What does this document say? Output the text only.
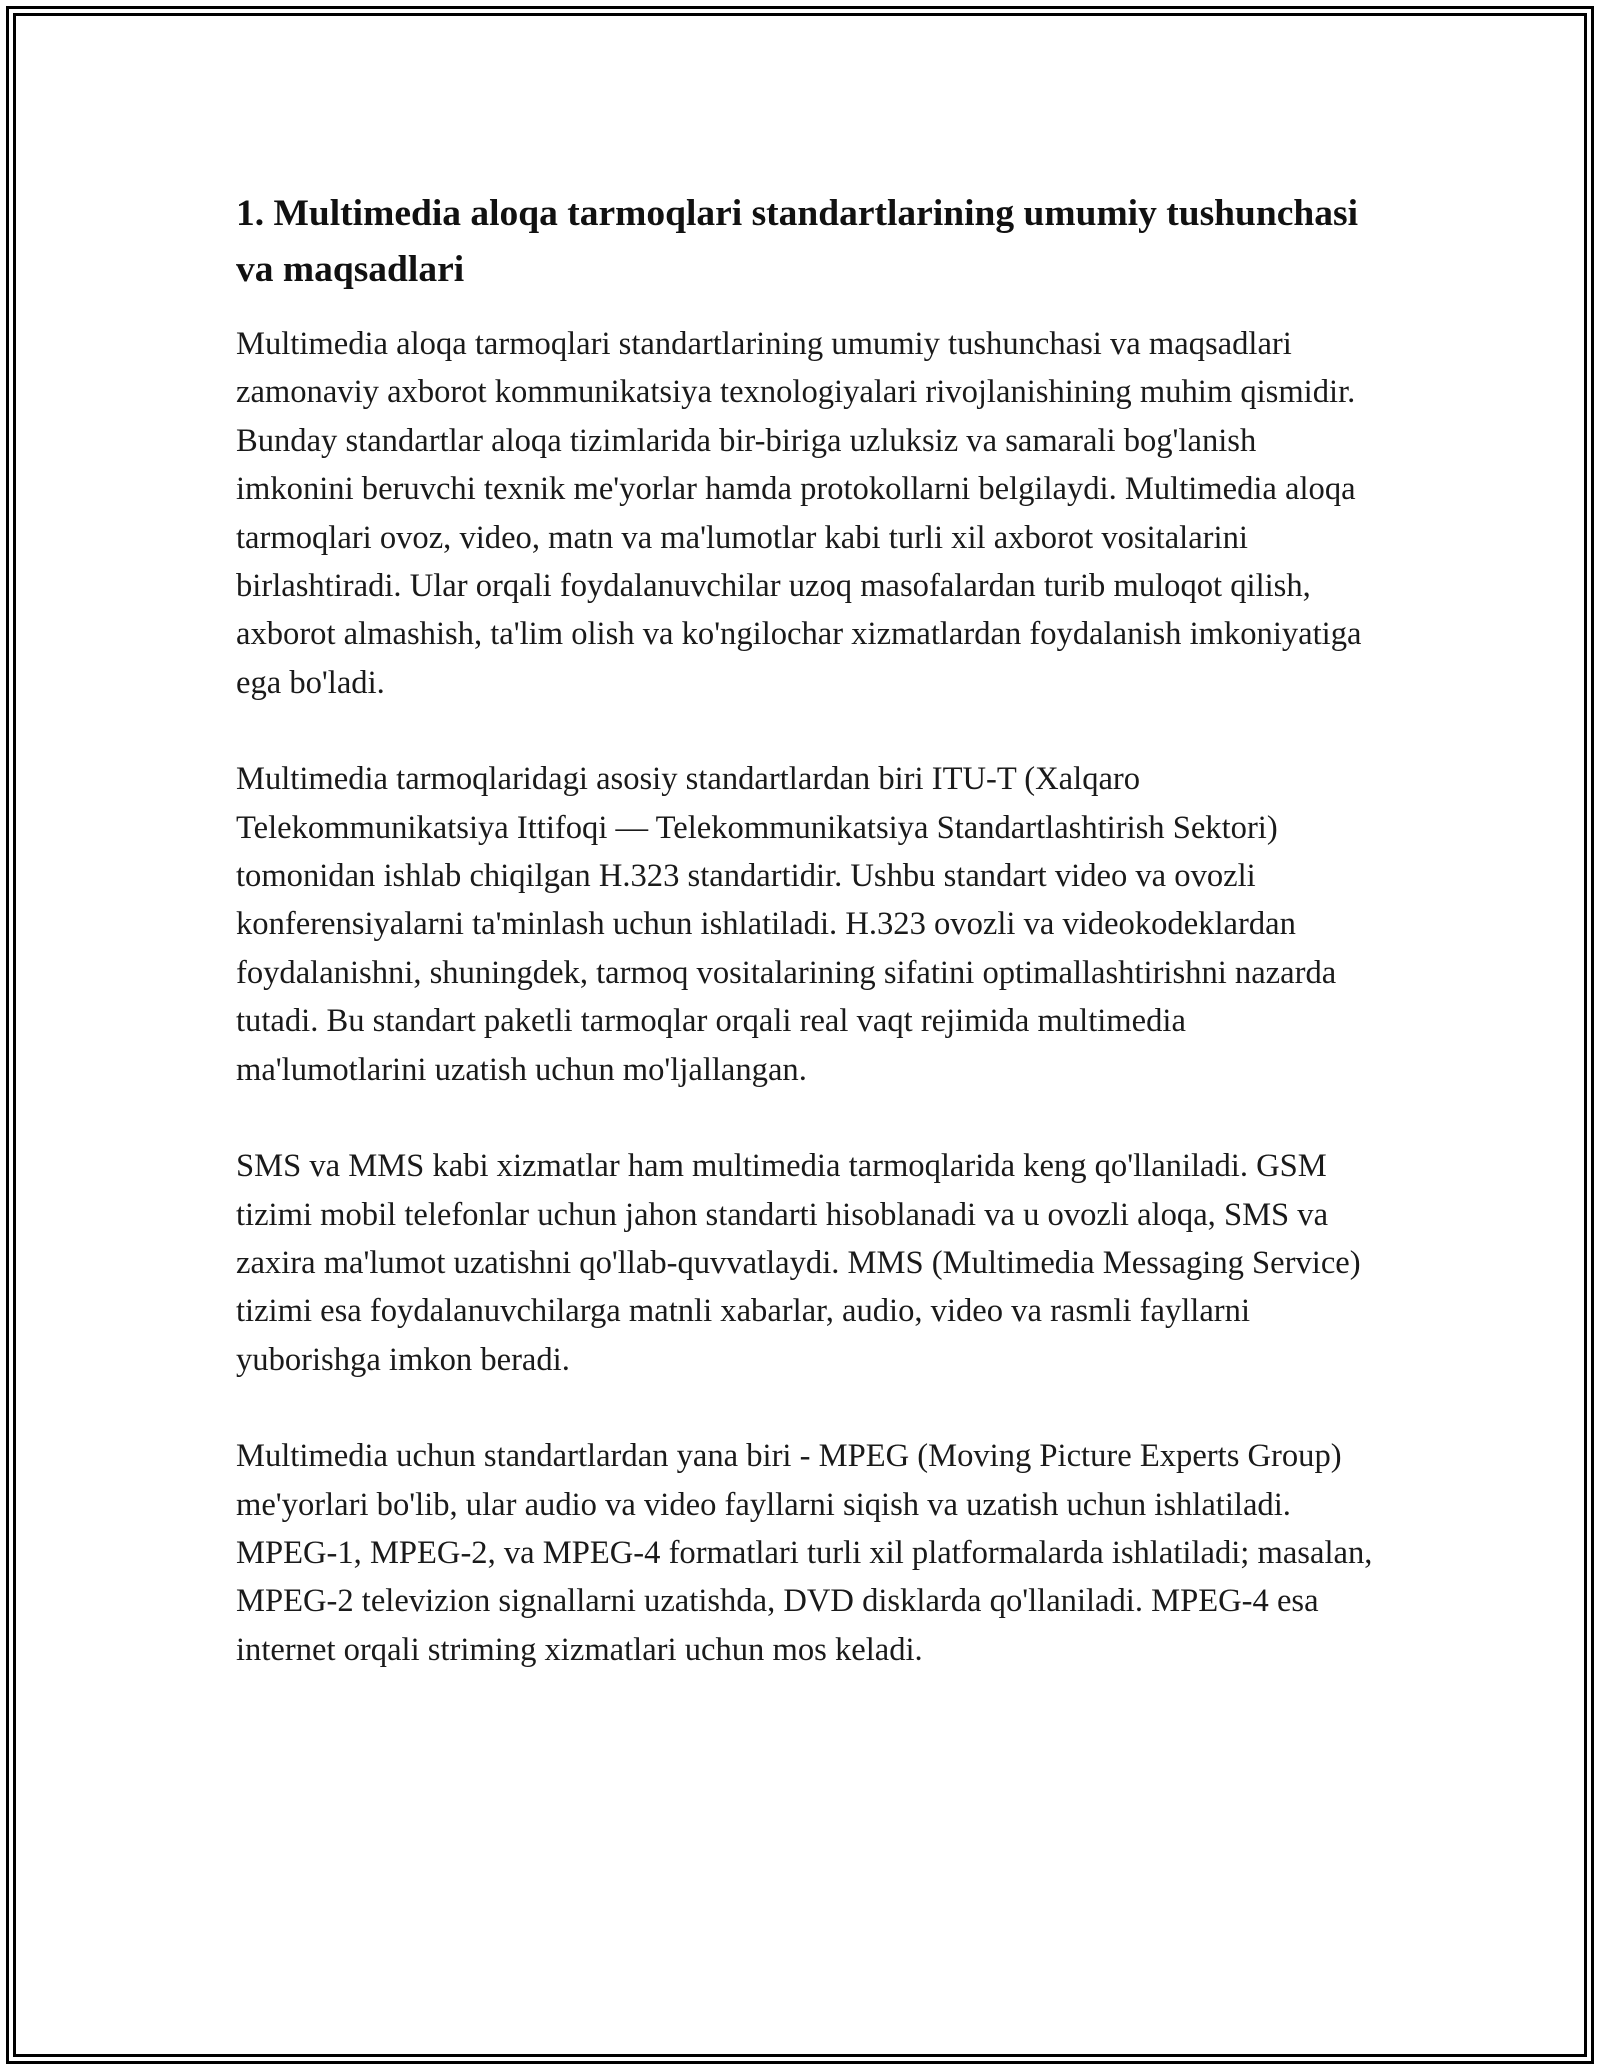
1. Multimedia aloqa tarmoqlari standartlarining umumiy tushunchasi va maqsadlari

Multimedia aloqa tarmoqlari standartlarining umumiy tushunchasi va maqsadlari zamonaviy axborot kommunikatsiya texnologiyalari rivojlanishining muhim qismidir. Bunday standartlar aloqa tizimlarida bir-biriga uzluksiz va samarali bog'lanish imkonini beruvchi texnik me'yorlar hamda protokollarni belgilaydi. Multimedia aloqa tarmoqlari ovoz, video, matn va ma'lumotlar kabi turli xil axborot vositalarini birlashtiradi. Ular orqali foydalanuvchilar uzoq masofalardan turib muloqot qilish, axborot almashish, ta'lim olish va ko'ngilochar xizmatlardan foydalanish imkoniyatiga ega bo'ladi.

Multimedia tarmoqlaridagi asosiy standartlardan biri ITU-T (Xalqaro Telekommunikatsiya Ittifoqi — Telekommunikatsiya Standartlashtirish Sektori) tomonidan ishlab chiqilgan H.323 standartidir. Ushbu standart video va ovozli konferensiyalarni ta'minlash uchun ishlatiladi. H.323 ovozli va videokodeklardan foydalanishni, shuningdek, tarmoq vositalarining sifatini optimallashtirishni nazarda tutadi. Bu standart paketli tarmoqlar orqali real vaqt rejimida multimedia ma'lumotlarini uzatish uchun mo'ljallangan.

SMS va MMS kabi xizmatlar ham multimedia tarmoqlarida keng qo'llaniladi. GSM tizimi mobil telefonlar uchun jahon standarti hisoblanadi va u ovozli aloqa, SMS va zaxira ma'lumot uzatishni qo'llab-quvvatlaydi. MMS (Multimedia Messaging Service) tizimi esa foydalanuvchilarga matnli xabarlar, audio, video va rasmli fayllarni yuborishga imkon beradi.

Multimedia uchun standartlardan yana biri - MPEG (Moving Picture Experts Group) me'yorlari bo'lib, ular audio va video fayllarni siqish va uzatish uchun ishlatiladi. MPEG-1, MPEG-2, va MPEG-4 formatlari turli xil platformalarda ishlatiladi; masalan, MPEG-2 televizion signallarni uzatishda, DVD disklarda qo'llaniladi. MPEG-4 esa internet orqali striming xizmatlari uchun mos keladi.
